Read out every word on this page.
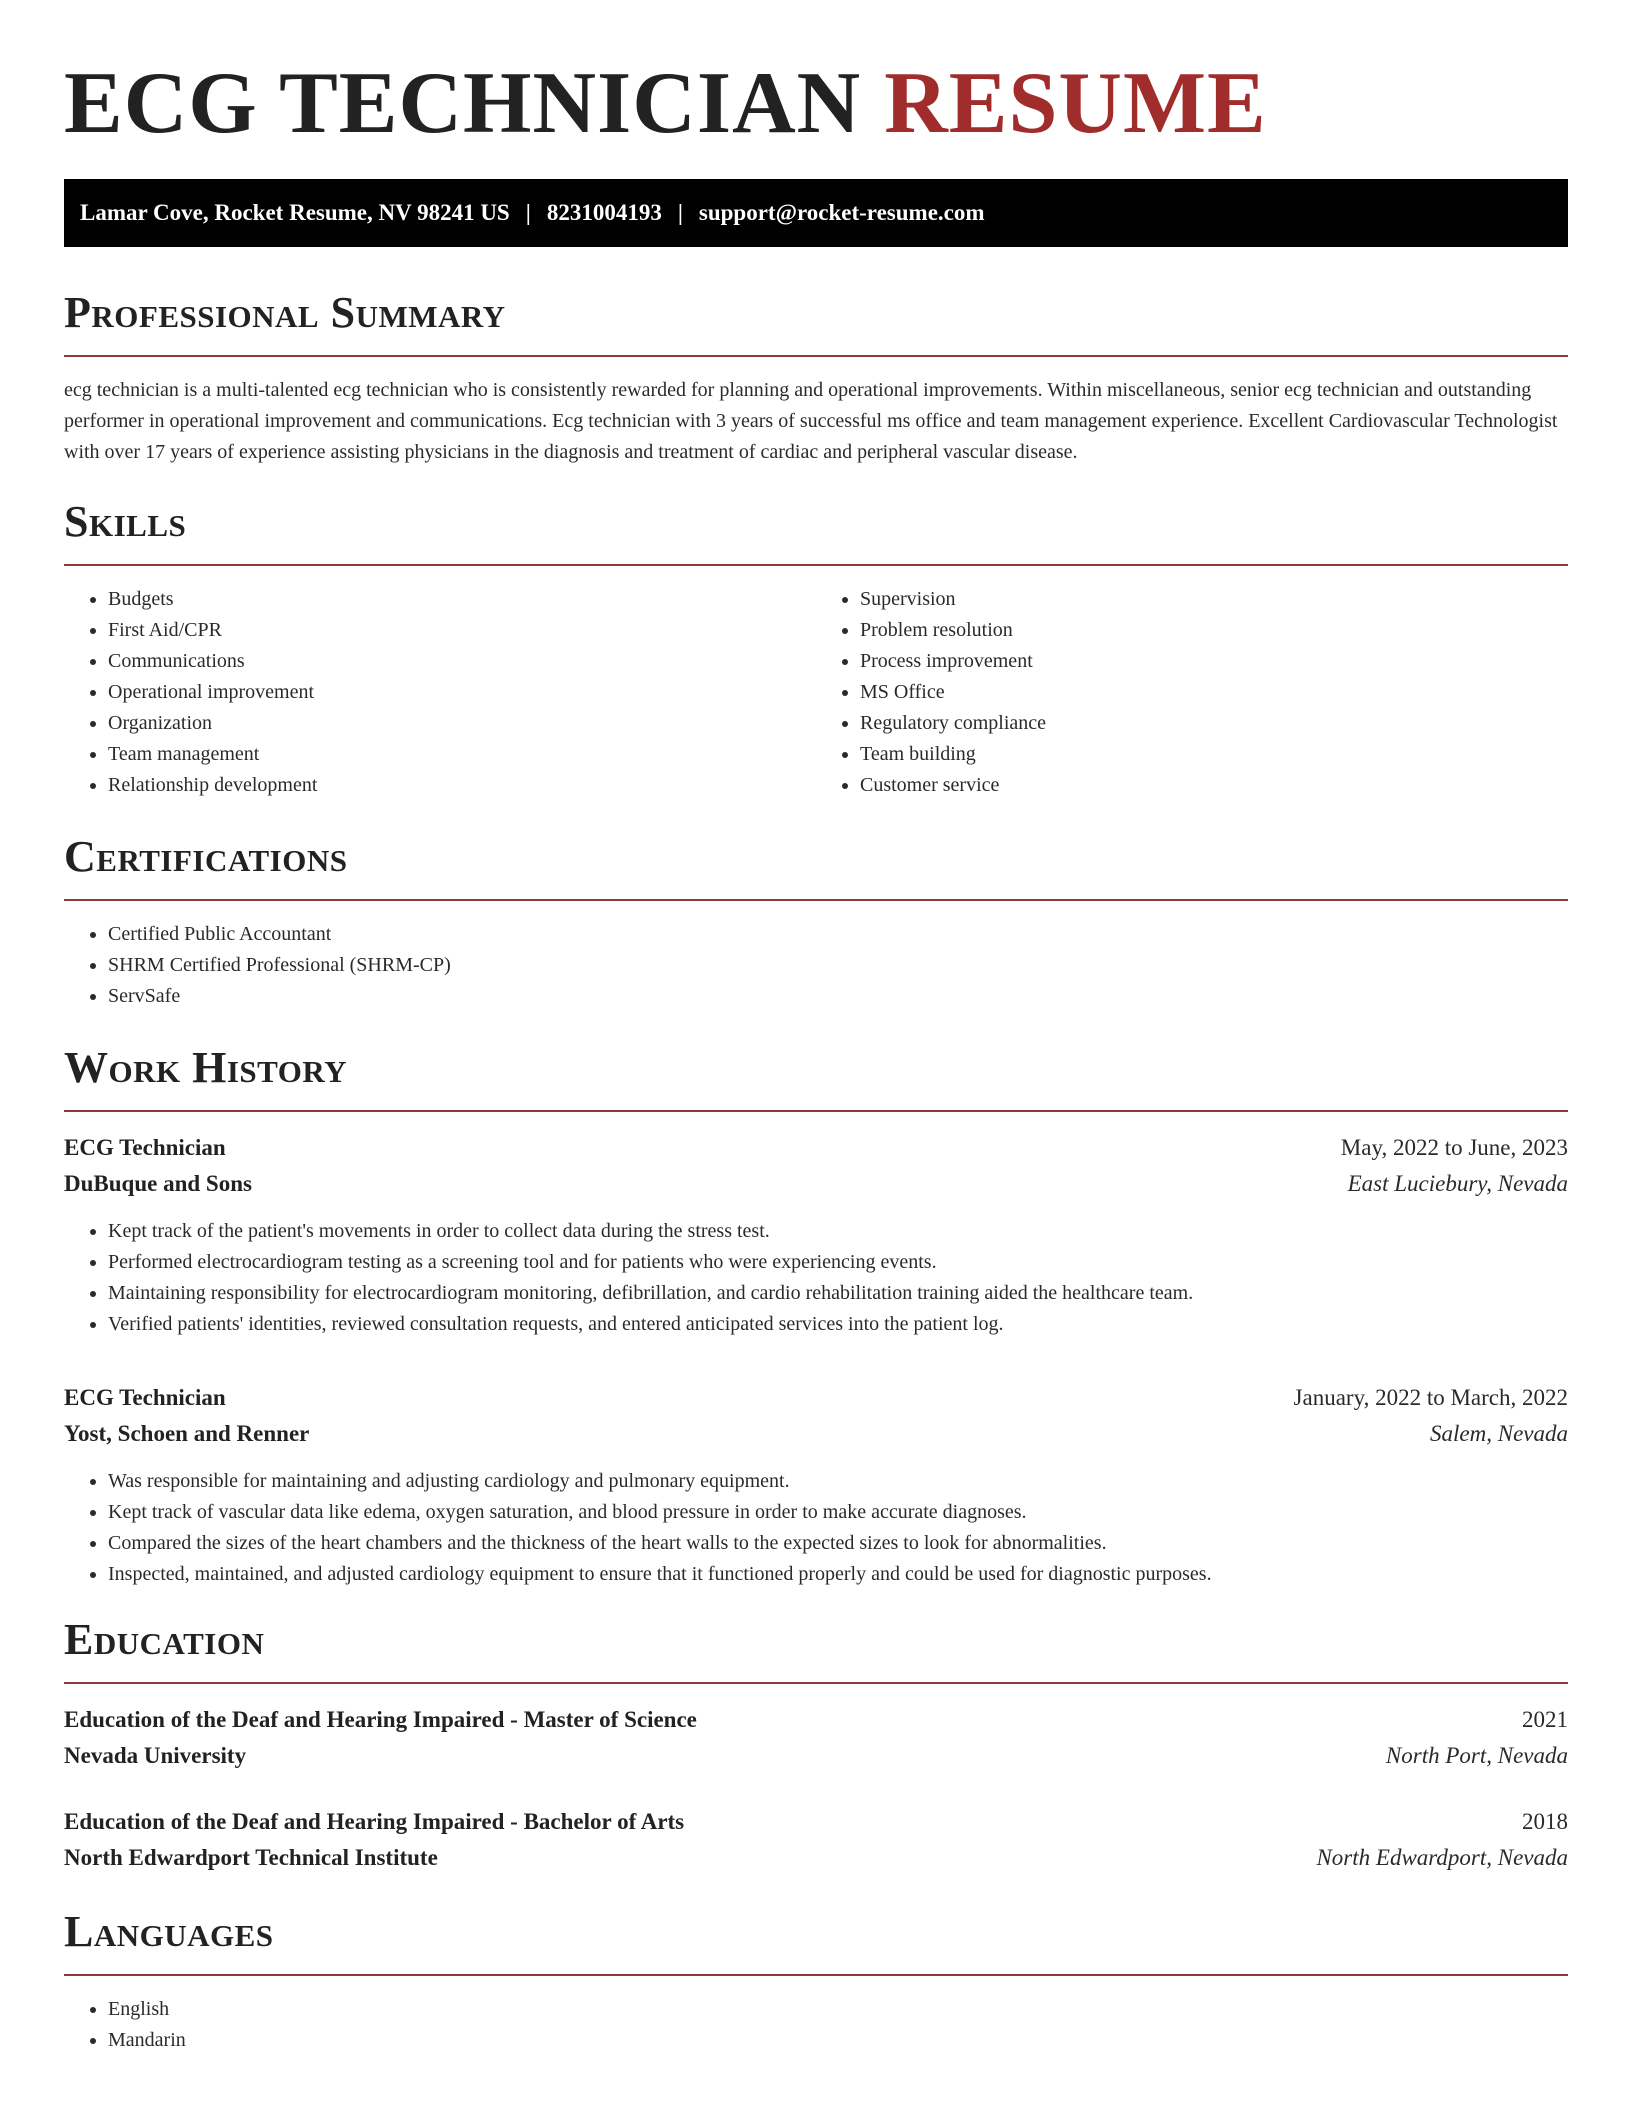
ECG TECHNICIAN RESUME
Lamar Cove, Rocket Resume, NV 98241 US | 8231004193 | support@rocket-resume.com
Professional Summary

ecg technician is a multi-talented ecg technician who is consistently rewarded for planning and operational improvements. Within miscellaneous, senior ecg technician and outstanding performer in operational improvement and communications. Ecg technician with 3 years of successful ms office and team management experience. Excellent Cardiovascular Technologist with over 17 years of experience assisting physicians in the diagnosis and treatment of cardiac and peripheral vascular disease.

Skills
• Budgets
• First Aid/CPR
• Communications
• Operational improvement
• Organization
• Team management
• Relationship development
• Supervision
• Problem resolution
• Process improvement
• MS Office
• Regulatory compliance
• Team building
• Customer service
Certifications
• Certified Public Accountant
• SHRM Certified Professional (SHRM-CP)
• ServSafe
Work History
ECG Technician	May, 2022 to June, 2023
DuBuque and Sons	East Luciebury, Nevada
• Kept track of the patient's movements in order to collect data during the stress test.
• Performed electrocardiogram testing as a screening tool and for patients who were experiencing events.
• Maintaining responsibility for electrocardiogram monitoring, defibrillation, and cardio rehabilitation training aided the healthcare team.
• Verified patients' identities, reviewed consultation requests, and entered anticipated services into the patient log.
ECG Technician	January, 2022 to March, 2022
Yost, Schoen and Renner	Salem, Nevada
• Was responsible for maintaining and adjusting cardiology and pulmonary equipment.
• Kept track of vascular data like edema, oxygen saturation, and blood pressure in order to make accurate diagnoses.
• Compared the sizes of the heart chambers and the thickness of the heart walls to the expected sizes to look for abnormalities.
• Inspected, maintained, and adjusted cardiology equipment to ensure that it functioned properly and could be used for diagnostic purposes.
Education
Education of the Deaf and Hearing Impaired - Master of Science	2021
Nevada University	North Port, Nevada
Education of the Deaf and Hearing Impaired - Bachelor of Arts	2018
North Edwardport Technical Institute	North Edwardport, Nevada
Languages
• English
• Mandarin
